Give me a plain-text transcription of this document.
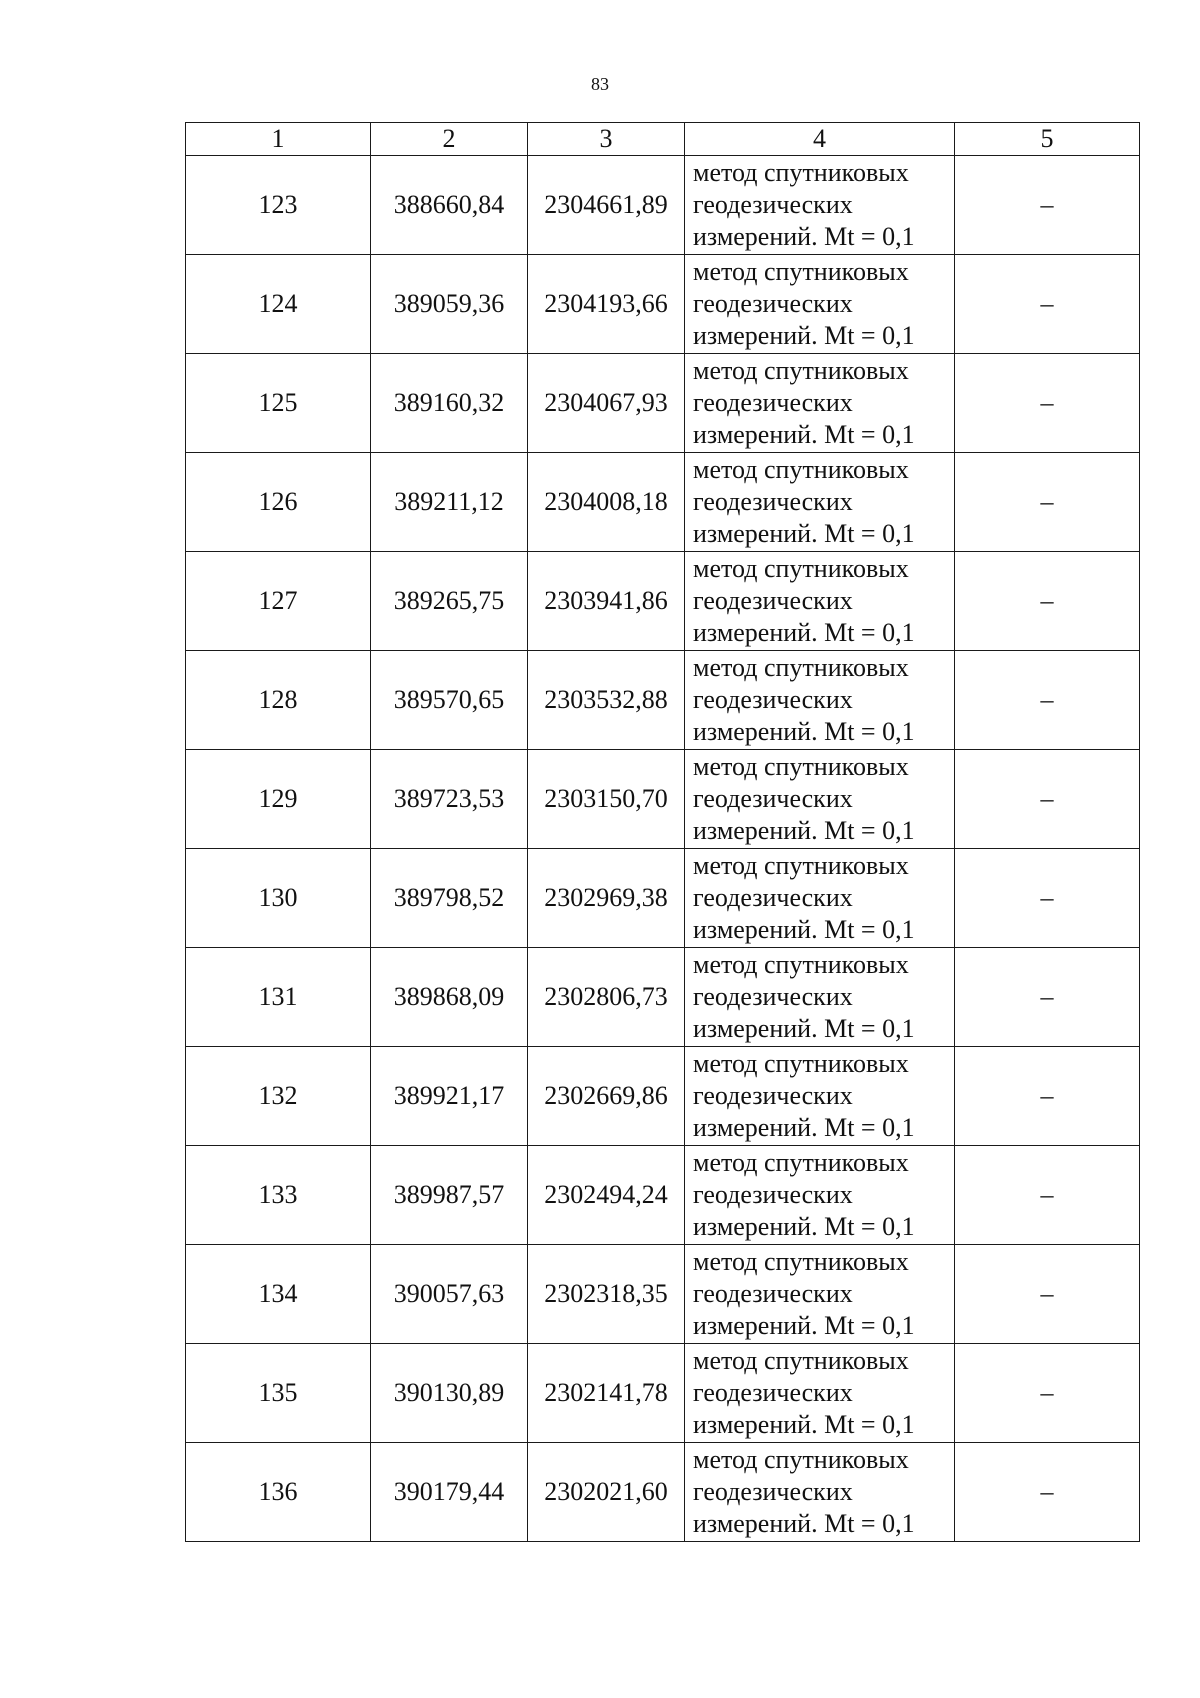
83
1	2	3	4	5
123	388660,84	2304661,89	метод спутниковых
геодезических
измерений. Mt = 0,1	–
124	389059,36	2304193,66	метод спутниковых
геодезических
измерений. Mt = 0,1	–
125	389160,32	2304067,93	метод спутниковых
геодезических
измерений. Mt = 0,1	–
126	389211,12	2304008,18	метод спутниковых
геодезических
измерений. Mt = 0,1	–
127	389265,75	2303941,86	метод спутниковых
геодезических
измерений. Mt = 0,1	–
128	389570,65	2303532,88	метод спутниковых
геодезических
измерений. Mt = 0,1	–
129	389723,53	2303150,70	метод спутниковых
геодезических
измерений. Mt = 0,1	–
130	389798,52	2302969,38	метод спутниковых
геодезических
измерений. Mt = 0,1	–
131	389868,09	2302806,73	метод спутниковых
геодезических
измерений. Mt = 0,1	–
132	389921,17	2302669,86	метод спутниковых
геодезических
измерений. Mt = 0,1	–
133	389987,57	2302494,24	метод спутниковых
геодезических
измерений. Mt = 0,1	–
134	390057,63	2302318,35	метод спутниковых
геодезических
измерений. Mt = 0,1	–
135	390130,89	2302141,78	метод спутниковых
геодезических
измерений. Mt = 0,1	–
136	390179,44	2302021,60	метод спутниковых
геодезических
измерений. Mt = 0,1	–
